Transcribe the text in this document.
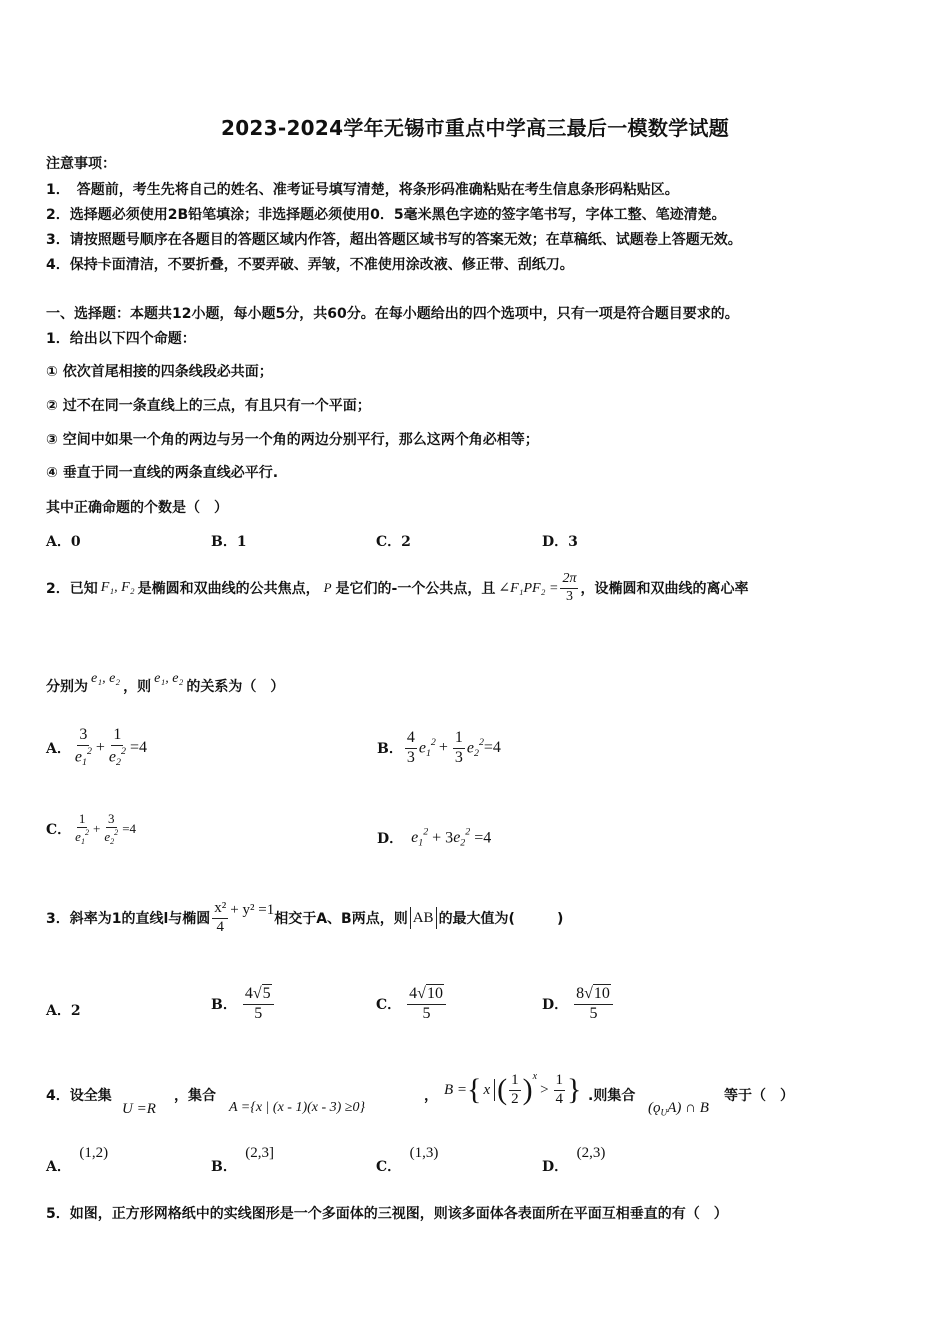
2023-2024学年无锡市重点中学高三最后一模数学试题
注意事项：
1．　答题前，考生先将自己的姓名、准考证号填写清楚，将条形码准确粘贴在考生信息条形码粘贴区。
2．选择题必须使用2B铅笔填涂；非选择题必须使用0．5毫米黑色字迹的签字笔书写，字体工整、笔迹清楚。
3．请按照题号顺序在各题目的答题区域内作答，超出答题区域书写的答案无效；在草稿纸、试题卷上答题无效。
4．保持卡面清洁，不要折叠，不要弄破、弄皱，不准使用涂改液、修正带、刮纸刀。
一、选择题：本题共12小题，每小题5分，共60分。在每小题给出的四个选项中，只有一项是符合题目要求的。
1．给出以下四个命题：
① 依次首尾相接的四条线段必共面；
② 过不在同一条直线上的三点，有且只有一个平面；
③ 空间中如果一个角的两边与另一个角的两边分别平行，那么这两个角必相等；
④ 垂直于同一直线的两条直线必平行.
其中正确命题的个数是（　）
A．0	B．1	C．2	D．3
2．已知 F₁, F₂ 是椭圆和双曲线的公共焦点， P 是它们的-一个公共点，且 ∠F₁PF₂ = $\frac{2\pi}{3}$ ，设椭圆和双曲线的离心率
分别为
e₁, e₂
，则
e₁, e₂
的关系为（　）
A． $\frac{3}{e_1^2} + \frac{1}{e_2^2} =4$	B． $\frac{4}{3} e_1^2 + \frac{1}{3} e_2^2 =4$
C． $\frac{1}{e_1^2} + \frac{3}{e_2^2} =4$
D． $e_1^2 + 3e_2^2 =4$
3．斜率为1的直线l与椭圆 $\frac{\text{x²}}{4} + y^2 =1$
相交于A、B两点，则 AB 的最大值为(　　　)
A．2	B． $\frac{4√5}{5}$	C． $\frac{4√10}{5}$	D． $\frac{8√10}{5}$
4．设全集
U =R
，集合
A ={x | (x - 1)(x - 3) ≥0}
， B = { x ( $\frac{1}{2}$ ) x
> $\frac{1}{4}$ } .则集合
$(ǫ_UA)$ ∩ B
等于（　）
A． (1,2)
B． (2,3]
C． (1,3)
D． (2,3)
5．如图，正方形网格纸中的实线图形是一个多面体的三视图，则该多面体各表面所在平面互相垂直的有（　）
